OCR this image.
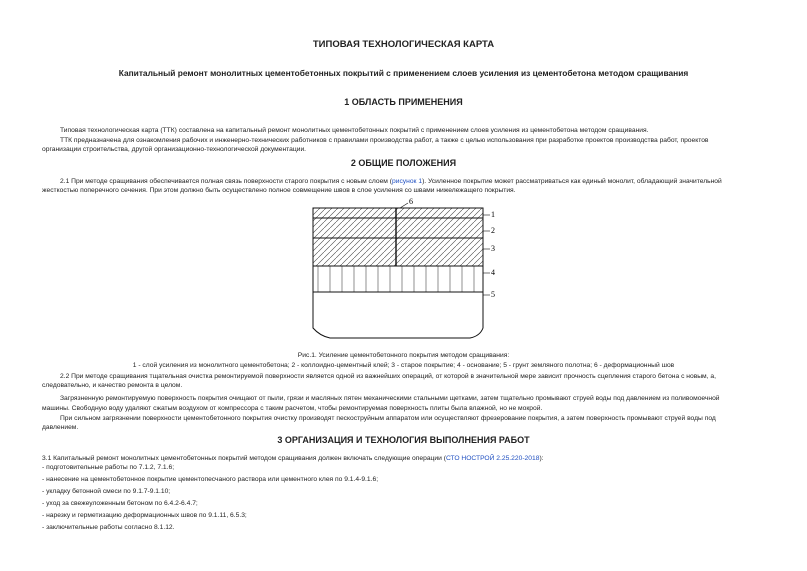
ТИПОВАЯ ТЕХНОЛОГИЧЕСКАЯ КАРТА
Капитальный ремонт монолитных цементобетонных покрытий с применением слоев усиления из цементобетона методом сращивания
1 ОБЛАСТЬ ПРИМЕНЕНИЯ
Типовая технологическая карта (ТТК) составлена на капитальный ремонт монолитных цементобетонных покрытий с применением слоев усиления из цементобетона методом сращивания.
ТТК предназначена для ознакомления рабочих и инженерно-технических работников с правилами производства работ, а также с целью использования при разработке проектов производства работ, проектов
организации строительства, другой организационно-технологической документации.
2 ОБЩИЕ ПОЛОЖЕНИЯ
2.1 При методе сращивания обеспечивается полная связь поверхности старого покрытия с новым слоем (рисунок 1). Усиленное покрытие может рассматриваться как единый монолит, обладающий значительной
жесткостью поперечного сечения. При этом должно быть осуществлено полное совмещение швов в слое усиления со швами нижележащего покрытия.
6
1
2
3
4
5
Рис.1. Усиление цементобетонного покрытия методом сращивания:
1 - слой усиления из монолитного цементобетона; 2 - коллоидно-цементный клей; 3 - старое покрытие; 4 - основание; 5 - грунт земляного полотна; 6 - деформационный шов
2.2 При методе сращивания тщательная очистка ремонтируемой поверхности является одной из важнейших операций, от которой в значительной мере зависит прочность сцепления старого бетона с новым, а,
следовательно, и качество ремонта в целом.
Загрязненную ремонтируемую поверхность покрытия очищают от пыли, грязи и масляных пятен механическими стальными щетками, затем тщательно промывают струей воды под давлением из поливомоечной
машины. Свободную воду удаляют сжатым воздухом от компрессора с таким расчетом, чтобы ремонтируемая поверхность плиты была влажной, но не мокрой.
При сильном загрязнении поверхности цементобетонного покрытия очистку производят пескоструйным аппаратом или осуществляют фрезерование покрытия, а затем поверхность промывают струей воды под
давлением.
3 ОРГАНИЗАЦИЯ И ТЕХНОЛОГИЯ ВЫПОЛНЕНИЯ РАБОТ
3.1 Капитальный ремонт монолитных цементобетонных покрытий методом сращивания должен включать следующие операции (СТО НОСТРОЙ 2.25.220-2018):
- подготовительные работы по 7.1.2, 7.1.6;
- нанесение на цементобетонное покрытие цементопесчаного раствора или цементного клея по 9.1.4-9.1.6;
- укладку бетонной смеси по 9.1.7-9.1.10;
- уход за свежеуложенным бетоном по 6.4.2-6.4.7;
- нарезку и герметизацию деформационных швов по 9.1.11, 6.5.3;
- заключительные работы согласно 8.1.12.
